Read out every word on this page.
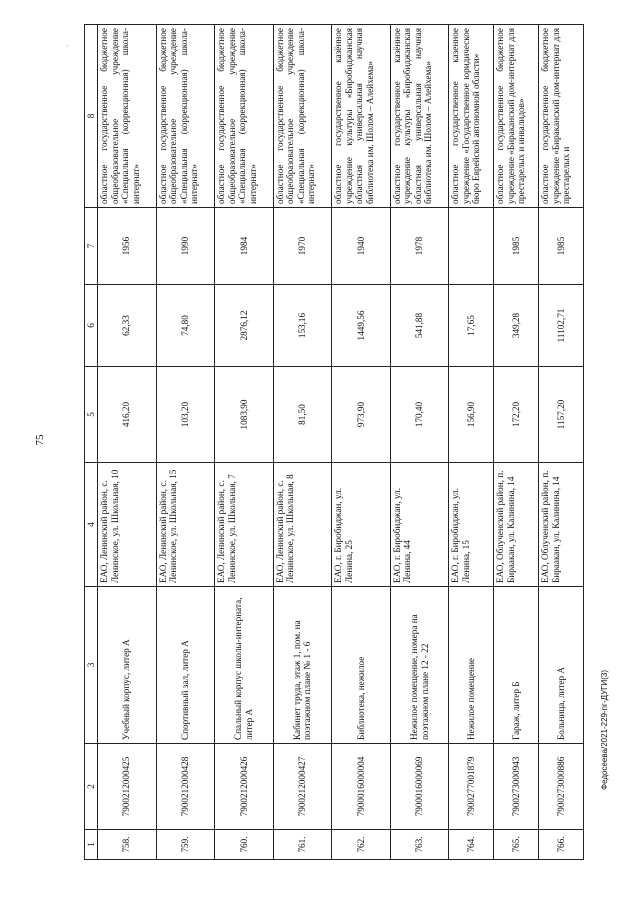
·
75
1	2	3	4	5	6	7	8
758.	7900212000425	Учебный корпус, литер А	ЕАО, Ленинский район, с. Ленинское, ул. Школьная, 10	416,20	62,33	1956	областное государственное бюджетное общеобразовательное учреждение «Специальная (коррекционная) школа-интернат»
759.	7900212000428	Спортивный зал, литер А	ЕАО, Ленинский район, с. Ленинское, ул. Школьная, 15	103,20	74,80	1990	областное государственное бюджетное общеобразовательное учреждение «Специальная (коррекционная) школа-интернат»
760.	7900212000426	Спальный корпус школы-интерната, литер А	ЕАО, Ленинский район, с. Ленинское, ул. Школьная, 7	1083,90	2876,12	1984	областное государственное бюджетное общеобразовательное учреждение «Специальная (коррекционная) школа-интернат»
761.	7900212000427	Кабинет труда, этаж 1, пом. на поэтажном плане № 1 - 6	ЕАО, Ленинский район, с. Ленинское, ул. Школьная, 8	81,50	153,16	1970	областное государственное бюджетное общеобразовательное учреждение «Специальная (коррекционная) школа-интернат»
762.	7900016000004	Библиотека, нежилое	ЕАО, г. Биробиджан, ул. Ленина, 25	973,90	1449,56	1940	областное государственное казённое учреждение культуры «Биробиджанская областная универсальная научная библиотека им. Шолом – Алейхема»
763.	7900016000069	Нежилое помещение, номера на поэтажном плане 12 - 22	ЕАО, г. Биробиджан, ул. Ленина, 44	170,40	541,88	1978	областное государственное казённое учреждение культуры «Биробиджанская областная универсальная научная библиотека им. Шолом – Алейхема»
764.	7900277001879	Нежилое помещение	ЕАО, г. Биробиджан, ул. Ленина, 15	156,90	17,65		областное государственное казенное учреждение «Государственное юридическое бюро Еврейской автономной области»
765.	7900273000943	Гараж, литер Б	ЕАО, Облученский район, п. Бираакан, ул. Калинина, 14	172,20	349,28	1985	областное государственное бюджетное учреждение «Бираканский дом-интернат для престарелых и инвалидов»
766.	7900273000886	Больница, литер А	ЕАО, Облученский район, п. Бираакан, ул. Калинина, 14	1157,20	11102,71	1985	областное государственное бюджетное учреждение «Бираканский дом-интернат для престарелых и
Федосеева/2021-229-пг-ДУГИ(3)
